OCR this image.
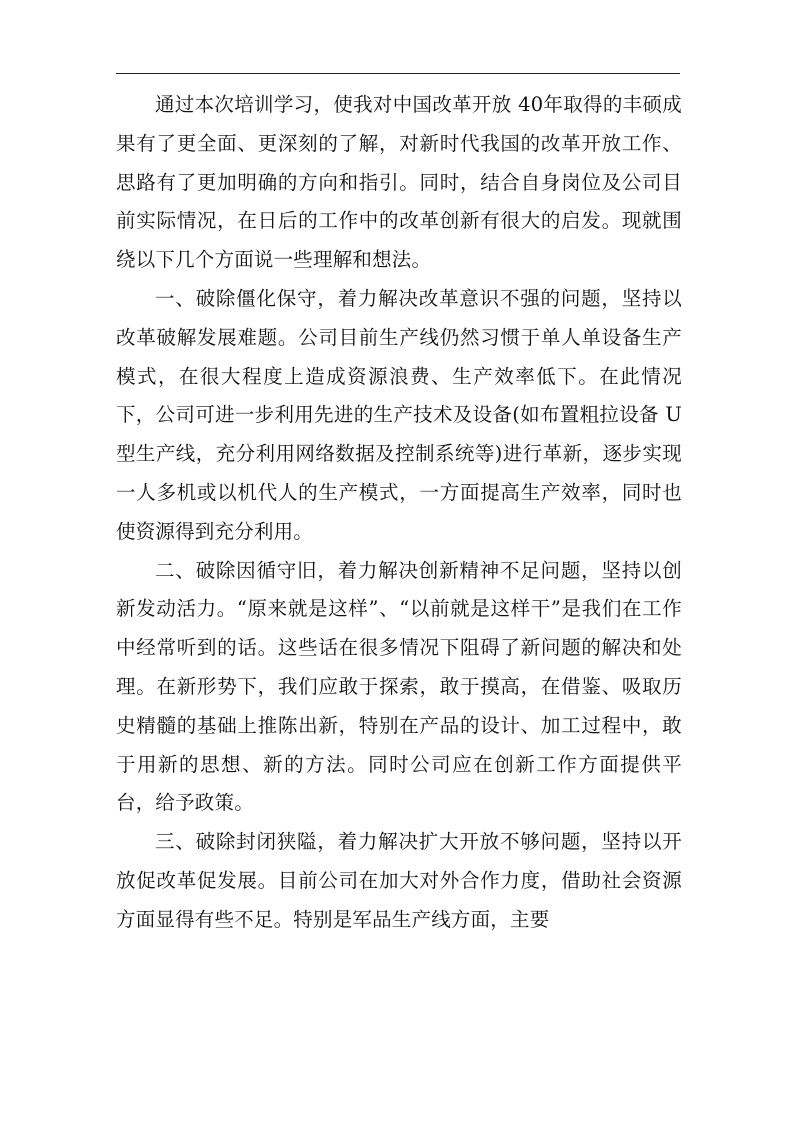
通过本次培训学习，使我对中国改革开放 40年取得的丰硕成果有了更全面、更深刻的了解，对新时代我国的改革开放工作、思路有了更加明确的方向和指引。同时，结合自身岗位及公司目前实际情况，在日后的工作中的改革创新有很大的启发。现就围绕以下几个方面说一些理解和想法。

一、破除僵化保守，着力解决改革意识不强的问题，坚持以改革破解发展难题。公司目前生产线仍然习惯于单人单设备生产模式，在很大程度上造成资源浪费、生产效率低下。在此情况下，公司可进一步利用先进的生产技术及设备(如布置粗拉设备 U 型生产线，充分利用网络数据及控制系统等)进行革新，逐步实现一人多机或以机代人的生产模式，一方面提高生产效率，同时也使资源得到充分利用。

二、破除因循守旧，着力解决创新精神不足问题，坚持以创新发动活力。“原来就是这样”、“以前就是这样干”是我们在工作中经常听到的话。这些话在很多情况下阻碍了新问题的解决和处理。在新形势下，我们应敢于探索，敢于摸高，在借鉴、吸取历史精髓的基础上推陈出新，特别在产品的设计、加工过程中，敢于用新的思想、新的方法。同时公司应在创新工作方面提供平台，给予政策。

三、破除封闭狭隘，着力解决扩大开放不够问题，坚持以开放促改革促发展。目前公司在加大对外合作力度，借助社会资源方面显得有些不足。特别是军品生产线方面，主要
